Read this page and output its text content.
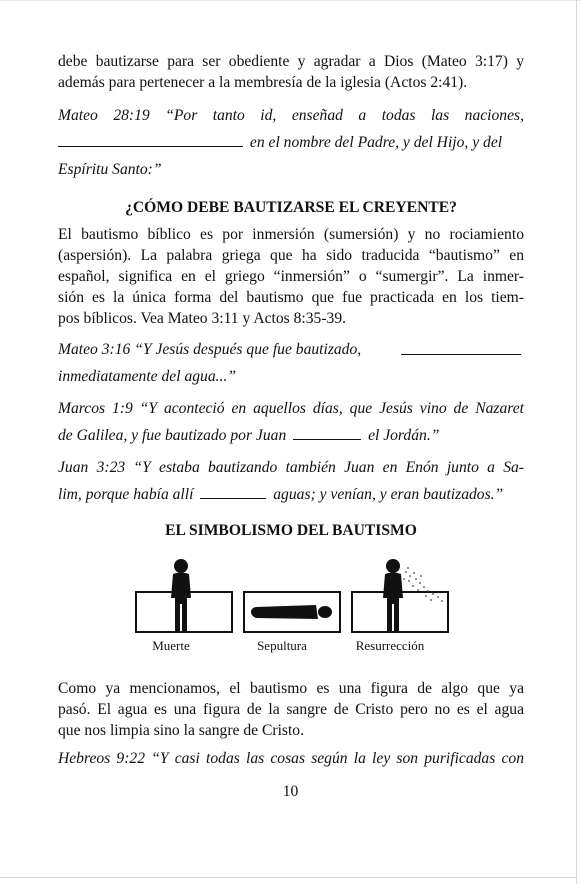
debe bautizarse para ser obediente y agradar a Dios (Mateo 3:17) y
además para pertenecer a la membresía de la iglesia (Actos 2:41).
Mateo 28:19 “Por tanto id, enseñad a todas las naciones,
en el nombre del Padre, y del Hijo, y del
Espíritu Santo:”
¿CÓMO DEBE BAUTIZARSE EL CREYENTE?
El bautismo bíblico es por inmersión (sumersión) y no rociamiento
(aspersión). La palabra griega que ha sido traducida “bautismo” en
español, significa en el griego “inmersión” o “sumergir”. La inmer-
sión es la única forma del bautismo que fue practicada en los tiem-
pos bíblicos. Vea Mateo 3:11 y Actos 8:35-39.
Mateo 3:16 “Y Jesús después que fue bautizado,
inmediatamente del agua...”
Marcos 1:9 “Y aconteció en aquellos días, que Jesús vino de Nazaret
de Galilea, y fue bautizado por Juan	el Jordán.”
Juan 3:23 “Y estaba bautizando también Juan en Enón junto a Sa-
lim, porque había allí	aguas; y venían, y eran bautizados.”
EL SIMBOLISMO DEL BAUTISMO
Muerte	Sepultura	Resurrección
Como ya mencionamos, el bautismo es una figura de algo que ya
pasó. El agua es una figura de la sangre de Cristo pero no es el agua
que nos limpia sino la sangre de Cristo.
Hebreos 9:22 “Y casi todas las cosas según la ley son purificadas con
10
